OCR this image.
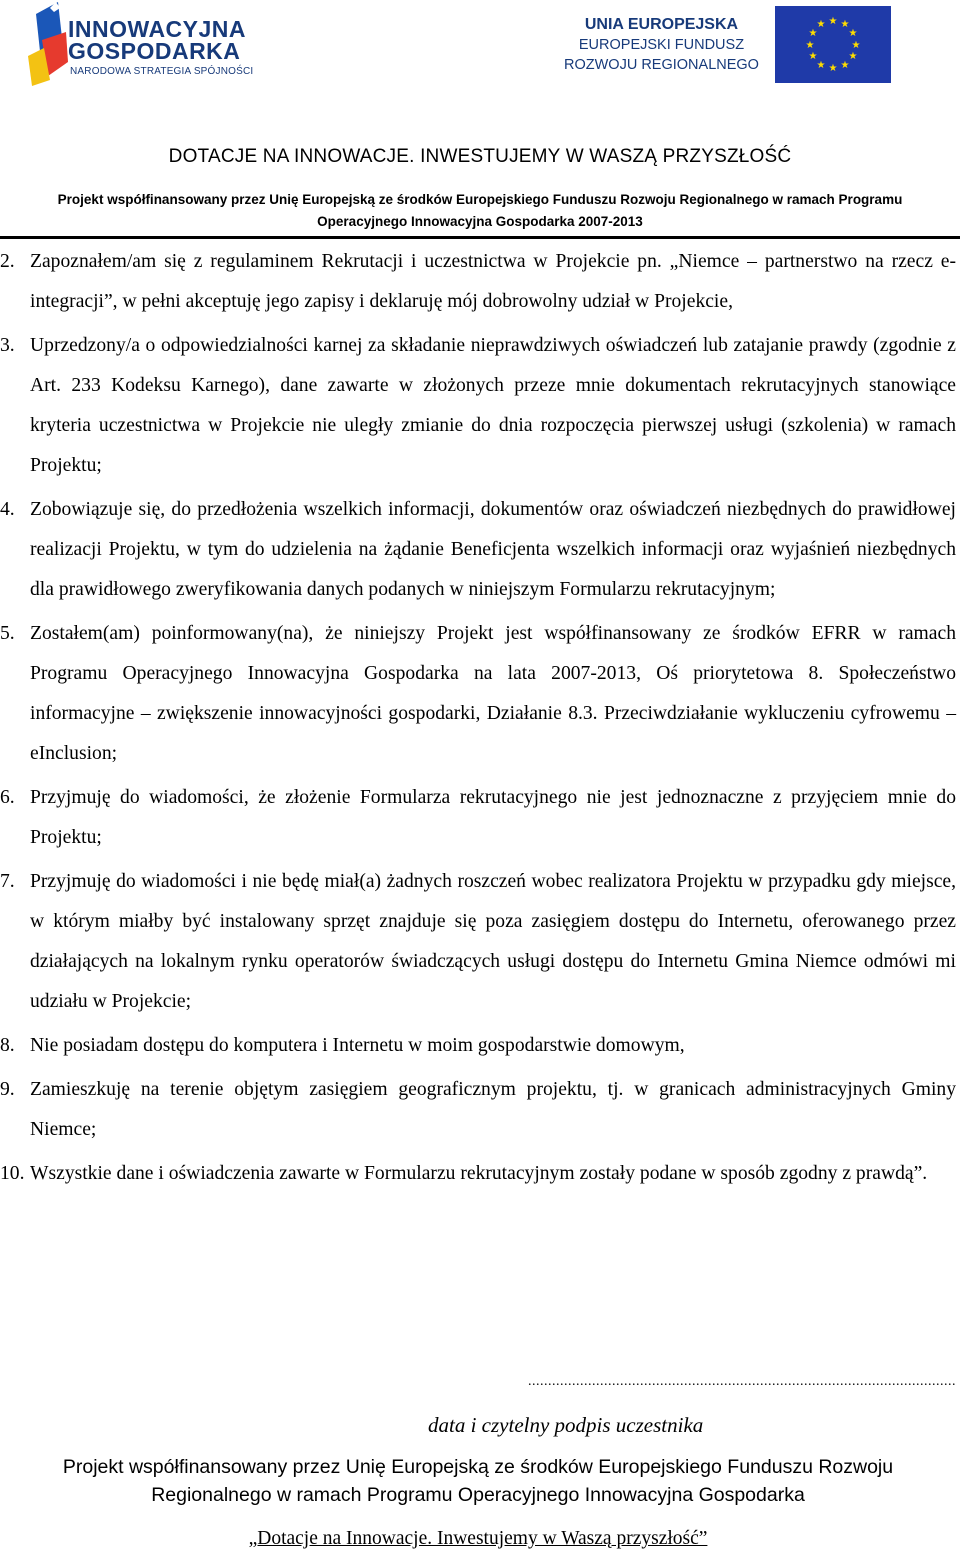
INNOWACYJNA
GOSPODARKA
NARODOWA STRATEGIA SPÓJNOŚCI
UNIA EUROPEJSKA
EUROPEJSKI FUNDUSZ
ROZWOJU REGIONALNEGO
★ ★
★
★
★
★
★
★
★
★
★
★
DOTACJE NA INNOWACJE. INWESTUJEMY W WASZĄ PRZYSZŁOŚĆ
Projekt współfinansowany przez Unię Europejską ze środków Europejskiego Funduszu Rozwoju Regionalnego w ramach Programu
Operacyjnego Innowacyjna Gospodarka 2007-2013
2. Zapoznałem/am się z regulaminem Rekrutacji i uczestnictwa w Projekcie pn. „Niemce – partnerstwo na rzecz e-integracji”, w pełni akceptuję jego zapisy i deklaruję mój dobrowolny udział w Projekcie,
3. Uprzedzony/a o odpowiedzialności karnej za składanie nieprawdziwych oświadczeń lub zatajanie prawdy (zgodnie z Art. 233 Kodeksu Karnego), dane zawarte w złożonych przeze mnie dokumentach rekrutacyjnych stanowiące kryteria uczestnictwa w Projekcie nie uległy zmianie do dnia rozpoczęcia pierwszej usługi (szkolenia) w ramach Projektu;
4. Zobowiązuje się, do przedłożenia wszelkich informacji, dokumentów oraz oświadczeń niezbędnych do prawidłowej realizacji Projektu, w tym do udzielenia na żądanie Beneficjenta wszelkich informacji oraz wyjaśnień niezbędnych dla prawidłowego zweryfikowania danych podanych w niniejszym Formularzu rekrutacyjnym;
5. Zostałem(am) poinformowany(na), że niniejszy Projekt jest współfinansowany ze środków EFRR w ramach Programu Operacyjnego Innowacyjna Gospodarka na lata 2007-2013, Oś priorytetowa 8. Społeczeństwo informacyjne – zwiększenie innowacyjności gospodarki, Działanie 8.3. Przeciwdziałanie wykluczeniu cyfrowemu – eInclusion;
6. Przyjmuję do wiadomości, że złożenie Formularza rekrutacyjnego nie jest jednoznaczne z przyjęciem mnie do Projektu;
7. Przyjmuję do wiadomości i nie będę miał(a) żadnych roszczeń wobec realizatora Projektu w przypadku gdy miejsce, w którym miałby być instalowany sprzęt znajduje się poza zasięgiem dostępu do Internetu, oferowanego przez działających na lokalnym rynku operatorów świadczących usługi dostępu do Internetu Gmina Niemce odmówi mi udziału w Projekcie;
8. Nie posiadam dostępu do komputera i Internetu w moim gospodarstwie domowym,
9. Zamieszkuję na terenie objętym zasięgiem geograficznym projektu, tj. w granicach administracyjnych Gminy Niemce;
10. Wszystkie dane i oświadczenia zawarte w Formularzu rekrutacyjnym zostały podane w sposób zgodny z prawdą”.
...........................................................................................................
data i czytelny podpis uczestnika
Projekt współfinansowany przez Unię Europejską ze środków Europejskiego Funduszu Rozwoju
Regionalnego w ramach Programu Operacyjnego Innowacyjna Gospodarka
„Dotacje na Innowacje. Inwestujemy w Waszą przyszłość”
